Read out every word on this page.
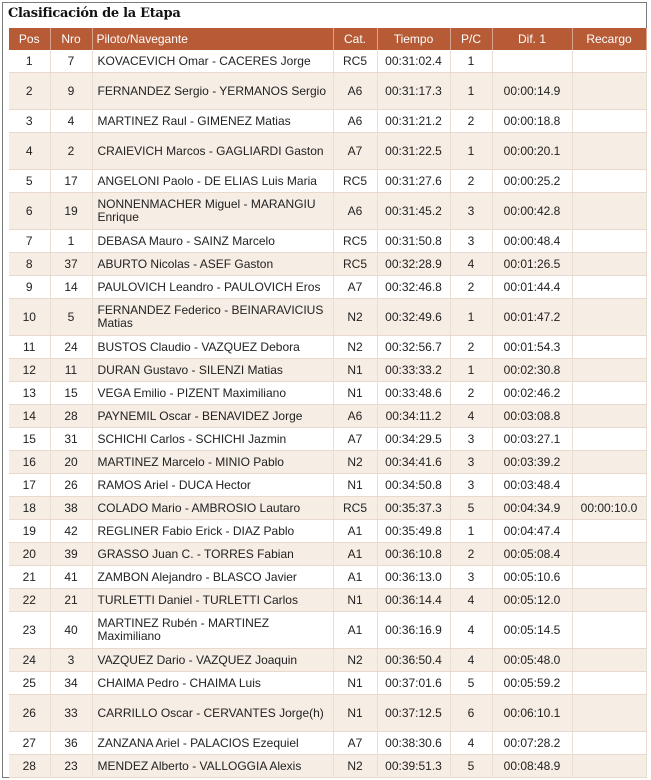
Clasificación de la Etapa
Pos	Nro	Piloto/Navegante	Cat.	Tiempo	P/C	Dif. 1	Recargo
1	7	KOVACEVICH Omar - CACERES Jorge	RC5	00:31:02.4	1		
2	9	FERNANDEZ Sergio - YERMANOS Sergio	A6	00:31:17.3	1	00:00:14.9	
3	4	MARTINEZ Raul - GIMENEZ Matias	A6	00:31:21.2	2	00:00:18.8	
4	2	CRAIEVICH Marcos - GAGLIARDI Gaston	A7	00:31:22.5	1	00:00:20.1	
5	17	ANGELONI Paolo - DE ELIAS Luis Maria	RC5	00:31:27.6	2	00:00:25.2	
6	19	NONNENMACHER Miguel - MARANGIU Enrique	A6	00:31:45.2	3	00:00:42.8	
7	1	DEBASA Mauro - SAINZ Marcelo	RC5	00:31:50.8	3	00:00:48.4	
8	37	ABURTO Nicolas - ASEF Gaston	RC5	00:32:28.9	4	00:01:26.5	
9	14	PAULOVICH Leandro - PAULOVICH Eros	A7	00:32:46.8	2	00:01:44.4	
10	5	FERNANDEZ Federico - BEINARAVICIUS Matias	N2	00:32:49.6	1	00:01:47.2	
11	24	BUSTOS Claudio - VAZQUEZ Debora	N2	00:32:56.7	2	00:01:54.3	
12	11	DURAN Gustavo - SILENZI Matias	N1	00:33:33.2	1	00:02:30.8	
13	15	VEGA Emilio - PIZENT Maximiliano	N1	00:33:48.6	2	00:02:46.2	
14	28	PAYNEMIL Oscar - BENAVIDEZ Jorge	A6	00:34:11.2	4	00:03:08.8	
15	31	SCHICHI Carlos - SCHICHI Jazmin	A7	00:34:29.5	3	00:03:27.1	
16	20	MARTINEZ Marcelo - MINIO Pablo	N2	00:34:41.6	3	00:03:39.2	
17	26	RAMOS Ariel - DUCA Hector	N1	00:34:50.8	3	00:03:48.4	
18	38	COLADO Mario - AMBROSIO Lautaro	RC5	00:35:37.3	5	00:04:34.9	00:00:10.0
19	42	REGLINER Fabio Erick - DIAZ Pablo	A1	00:35:49.8	1	00:04:47.4	
20	39	GRASSO Juan C. - TORRES Fabian	A1	00:36:10.8	2	00:05:08.4	
21	41	ZAMBON Alejandro - BLASCO Javier	A1	00:36:13.0	3	00:05:10.6	
22	21	TURLETTI Daniel - TURLETTI Carlos	N1	00:36:14.4	4	00:05:12.0	
23	40	MARTINEZ Rubén - MARTINEZ Maximiliano	A1	00:36:16.9	4	00:05:14.5	
24	3	VAZQUEZ Dario - VAZQUEZ Joaquin	N2	00:36:50.4	4	00:05:48.0	
25	34	CHAIMA Pedro - CHAIMA Luis	N1	00:37:01.6	5	00:05:59.2	
26	33	CARRILLO Oscar - CERVANTES Jorge(h)	N1	00:37:12.5	6	00:06:10.1	
27	36	ZANZANA Ariel - PALACIOS Ezequiel	A7	00:38:30.6	4	00:07:28.2	
28	23	MENDEZ Alberto - VALLOGGIA Alexis	N2	00:39:51.3	5	00:08:48.9	
